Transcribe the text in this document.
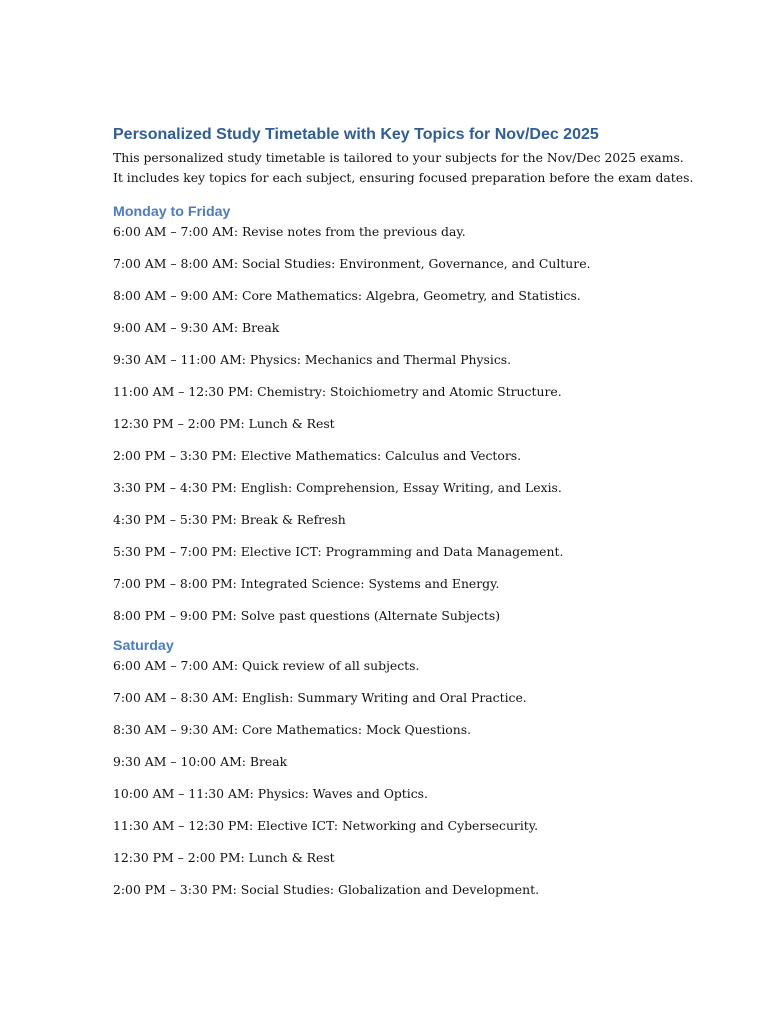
Personalized Study Timetable with Key Topics for Nov/Dec 2025

This personalized study timetable is tailored to your subjects for the Nov/Dec 2025 exams.
It includes key topics for each subject, ensuring focused preparation before the exam dates.

Monday to Friday
6:00 AM – 7:00 AM: Revise notes from the previous day.
7:00 AM – 8:00 AM: Social Studies: Environment, Governance, and Culture.
8:00 AM – 9:00 AM: Core Mathematics: Algebra, Geometry, and Statistics.
9:00 AM – 9:30 AM: Break
9:30 AM – 11:00 AM: Physics: Mechanics and Thermal Physics.
11:00 AM – 12:30 PM: Chemistry: Stoichiometry and Atomic Structure.
12:30 PM – 2:00 PM: Lunch & Rest
2:00 PM – 3:30 PM: Elective Mathematics: Calculus and Vectors.
3:30 PM – 4:30 PM: English: Comprehension, Essay Writing, and Lexis.
4:30 PM – 5:30 PM: Break & Refresh
5:30 PM – 7:00 PM: Elective ICT: Programming and Data Management.
7:00 PM – 8:00 PM: Integrated Science: Systems and Energy.
8:00 PM – 9:00 PM: Solve past questions (Alternate Subjects)
Saturday
6:00 AM – 7:00 AM: Quick review of all subjects.
7:00 AM – 8:30 AM: English: Summary Writing and Oral Practice.
8:30 AM – 9:30 AM: Core Mathematics: Mock Questions.
9:30 AM – 10:00 AM: Break
10:00 AM – 11:30 AM: Physics: Waves and Optics.
11:30 AM – 12:30 PM: Elective ICT: Networking and Cybersecurity.
12:30 PM – 2:00 PM: Lunch & Rest
2:00 PM – 3:30 PM: Social Studies: Globalization and Development.
